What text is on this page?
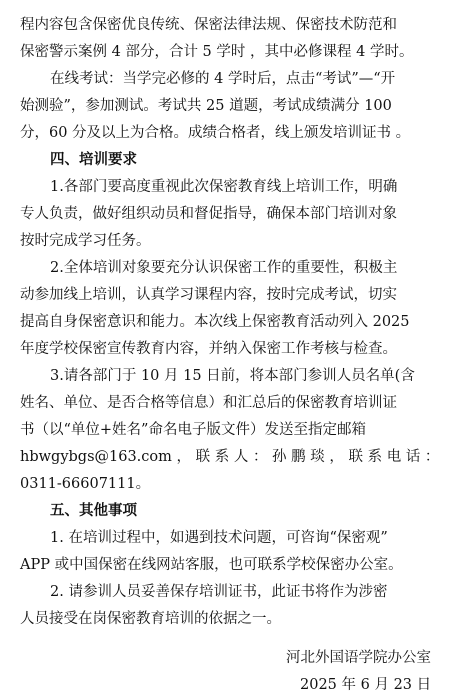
程内容包含保密优良传统、保密法律法规、保密技术防范和
保密警示案例 4 部分，合计 5 学时 ，其中必修课程 4 学时。
在线考试：当学完必修的 4 学时后，点击“考试”—“开
始测验”，参加测试。考试共 25 道题，考试成绩满分 100
分，60 分及以上为合格。成绩合格者，线上颁发培训证书 。
四、培训要求
1.各部门要高度重视此次保密教育线上培训工作，明确
专人负责，做好组织动员和督促指导，确保本部门培训对象
按时完成学习任务。
2.全体培训对象要充分认识保密工作的重要性，积极主
动参加线上培训，认真学习课程内容，按时完成考试，切实
提高自身保密意识和能力。本次线上保密教育活动列入 2025
年度学校保密宣传教育内容，并纳入保密工作考核与检查。
3.请各部门于 10 月 15 日前，将本部门参训人员名单(含
姓名、单位、是否合格等信息）和汇总后的保密教育培训证
书（以“单位+姓名”命名电子版文件）发送至指定邮箱
hbwgybgs@163.com ， 联 系 人 ： 孙 鹏 琰 ， 联 系 电 话 ：
0311-66607111。
五、其他事项
1. 在培训过程中，如遇到技术问题，可咨询“保密观”
APP 或中国保密在线网站客服，也可联系学校保密办公室。
2. 请参训人员妥善保存培训证书，此证书将作为涉密
人员接受在岗保密教育培训的依据之一。
河北外国语学院办公室
2025 年 6 月 23 日
